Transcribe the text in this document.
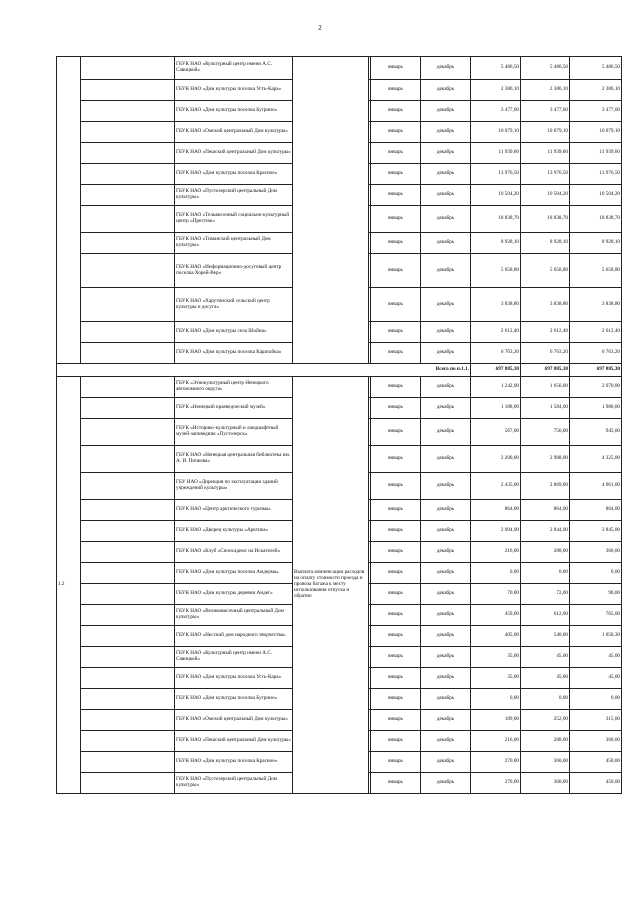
2
		ГБУК НАО «Культурный центр имени А.С. Савицкой»			январь	декабрь	5 486,50	5 486,50	5 486,50
		ГБУК НАО «Дом культуры поселка Усть-Кара»			январь	декабрь	2 386,10	2 386,10	2 386,10
		ГБУК НАО «Дом культуры поселка Бугрино»			январь	декабрь	3 477,60	3 477,60	3 477,60
		ГБУК НАО «Омский центральный Дом культуры»			январь	декабрь	10 079,10	10 079,10	10 079,10
		ГБУК НАО «Пешский центральный Дом культуры»			январь	декабрь	11 939,60	11 939,60	11 939,60
		ГБУК НАО «Дом культуры поселка Красное»			январь	декабрь	13 976,50	13 976,50	13 976,50
		ГБУК НАО «Пустозерский центральный Дом культуры»			январь	декабрь	10 504,20	10 504,20	10 504,20
		ГБУК НАО «Тельвисочный социально-культурный центр «Престиж»			январь	декабрь	18 838,70	18 838,70	18 838,70
		ГБУК НАО «Тиманский центральный Дом культуры»			январь	декабрь	8 928,10	8 928,10	8 928,10
		ГБУК НАО «Информационно-досуговый центр поселка Хорей-Вер»			январь	декабрь	5 658,80	5 658,80	5 658,80
		ГБУК НАО «Харутинский сельский центр культуры и досуга»			январь	декабрь	3 838,80	3 838,80	3 838,80
		ГБУК НАО «Дом культуры села Шойна»			январь	декабрь	2 612,40	2 612,40	2 612,40
		ГБУК НАО «Дом культуры поселка Каратайка»			январь	декабрь	6 763,20	6 763,20	6 763,20
Всего по п.1.1.							697 885,30	697 885,30	697 885,30
1.2		ГБУК «Этнокультурный центр Ненецкого автономного округа»	Выплата компенсации расходов на оплату стоимости проезда и провоза багажа к месту использования отпуска и обратно		январь	декабрь	1 242,00	1 656,00	2 070,00
		ГБУК «Ненецкий краеведческий музей»			январь	декабрь	1 188,00	1 584,00	1 980,00
		ГБУК «Историко-культурный и ландшафтный музей-заповедник «Пустозерск»			январь	декабрь	567,00	756,00	945,00
		ГБУК НАО «Ненецкая центральная библиотека им. А. И. Пичкова»			январь	декабрь	2 200,00	2 988,00	4 325,00
		ГБУ НАО «Дирекция по эксплуатации зданий учреждений культуры»			январь	декабрь	2 435,00	2 869,00	4 061,00
		ГБУК НАО «Центр арктического туризма»			январь	декабрь	864,00	864,00	864,00
		ГБУК НАО «Дворец культуры «Арктика»			январь	декабрь	2 094,00	2 844,00	3 845,00
		ГБУК НАО «Клуб «Спонсадемс на Искателей»			январь	декабрь	216,00	288,00	360,00
		ГБУК НАО «Дом культуры поселка Амдерма»			январь	декабрь	0,00	0,00	0,00
		ГБУК НАО «Дом культуры деревни Андег»			январь	декабрь	70,00	72,00	90,00
		ГБУК НАО «Великовисочный центральный Дом культуры»			январь	декабрь	459,00	612,00	765,00
		ГБУК НАО «Несский дом народного творчества»			январь	декабрь	405,00	540,00	1 050,30
		ГБУК НАО «Культурный центр имени А.С. Савицкой»			январь	декабрь	35,00	45,00	45,00
		ГБУК НАО «Дом культуры поселка Усть-Кара»			январь	декабрь	35,00	45,00	45,00
		ГБУК НАО «Дом культуры поселка Бугрино»			январь	декабрь	0,00	0,00	0,00
		ГБУК НАО «Омский центральный Дом культуры»			январь	декабрь	189,00	252,00	315,00
		ГБУК НАО «Пешский центральный Дом культуры»			январь	декабрь	216,00	288,00	360,00
		ГБУК НАО «Дом культуры поселка Красное»			январь	декабрь	270,00	360,00	450,00
		ГБУК НАО «Пустозерский центральный Дом культуры»			январь	декабрь	270,00	360,00	450,00
